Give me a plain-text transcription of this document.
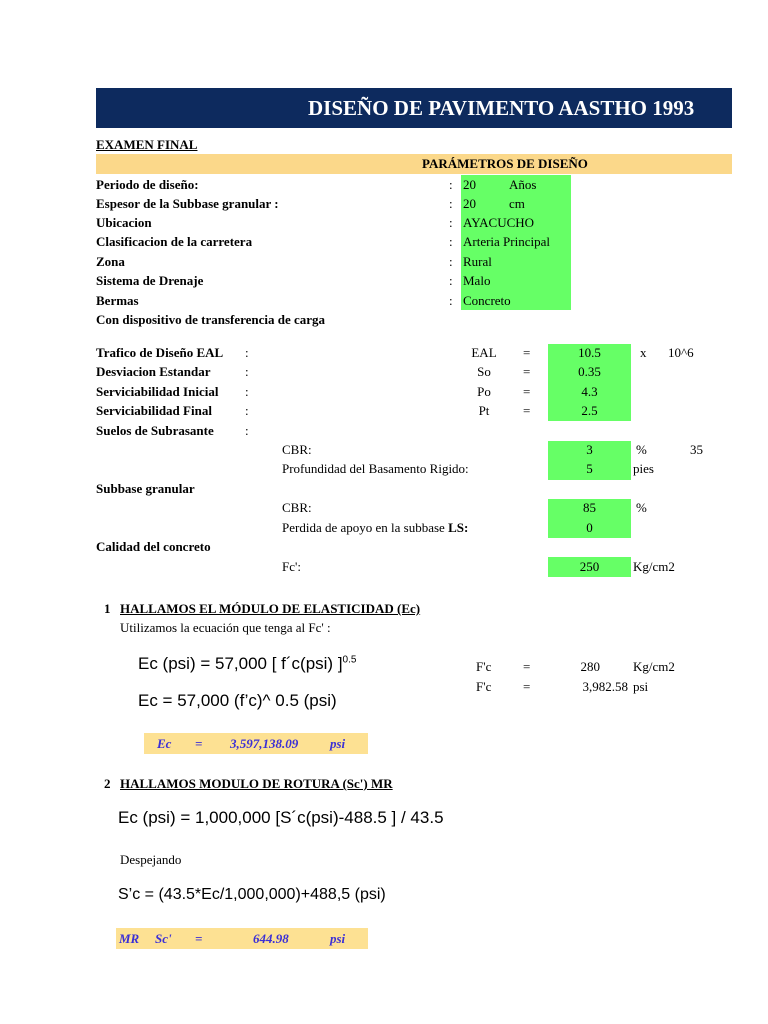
DISEÑO DE PAVIMENTO AASTHO 1993
EXAMEN FINAL
PARÁMETROS DE DISEÑO
Periodo de diseño:	: 20	Años
Espesor de la Subbase granular :	: 20	cm
Ubicacion	: AYACUCHO
Clasificacion de la carretera	: Arteria Principal
Zona	: Rural
Sistema de Drenaje	: Malo
Bermas	: Concreto
Con dispositivo de transferencia de carga
Trafico de Diseño EAL :	EAL	=	10.5	x 10^6
Desviacion Estandar	:	So	=	0.35
Serviciabilidad Inicial :	Po	=	4.3
Serviciabilidad Final	:	Pt	=	2.5
Suelos de Subrasante :
CBR:	3	%	35
Profundidad del Basamento Rigido:	5	pies
Subbase granular
CBR:	85	%
Perdida de apoyo en la subbase LS:	0
Calidad del concreto
Fc':	250	Kg/cm2
1 HALLAMOS EL MÓDULO DE ELASTICIDAD (Ec)
Utilizamos la ecuación que tenga al Fc' :
Ec (psi) = 57,000 [ f´c(psi) ]$^{0.5}$
Ec = 57,000 (f’c)^ 0.5 (psi)
F'c =	280	Kg/cm2
F'c =	3,982.58 psi
Ec = 3,597,138.09 psi
2 HALLAMOS MODULO DE ROTURA (Sc') MR
Ec (psi) = 1,000,000 [S´c(psi)-488.5 ] / 43.5
Despejando
S’c = (43.5*Ec/1,000,000)+488,5 (psi)
MR Sc' =	644.98	psi
